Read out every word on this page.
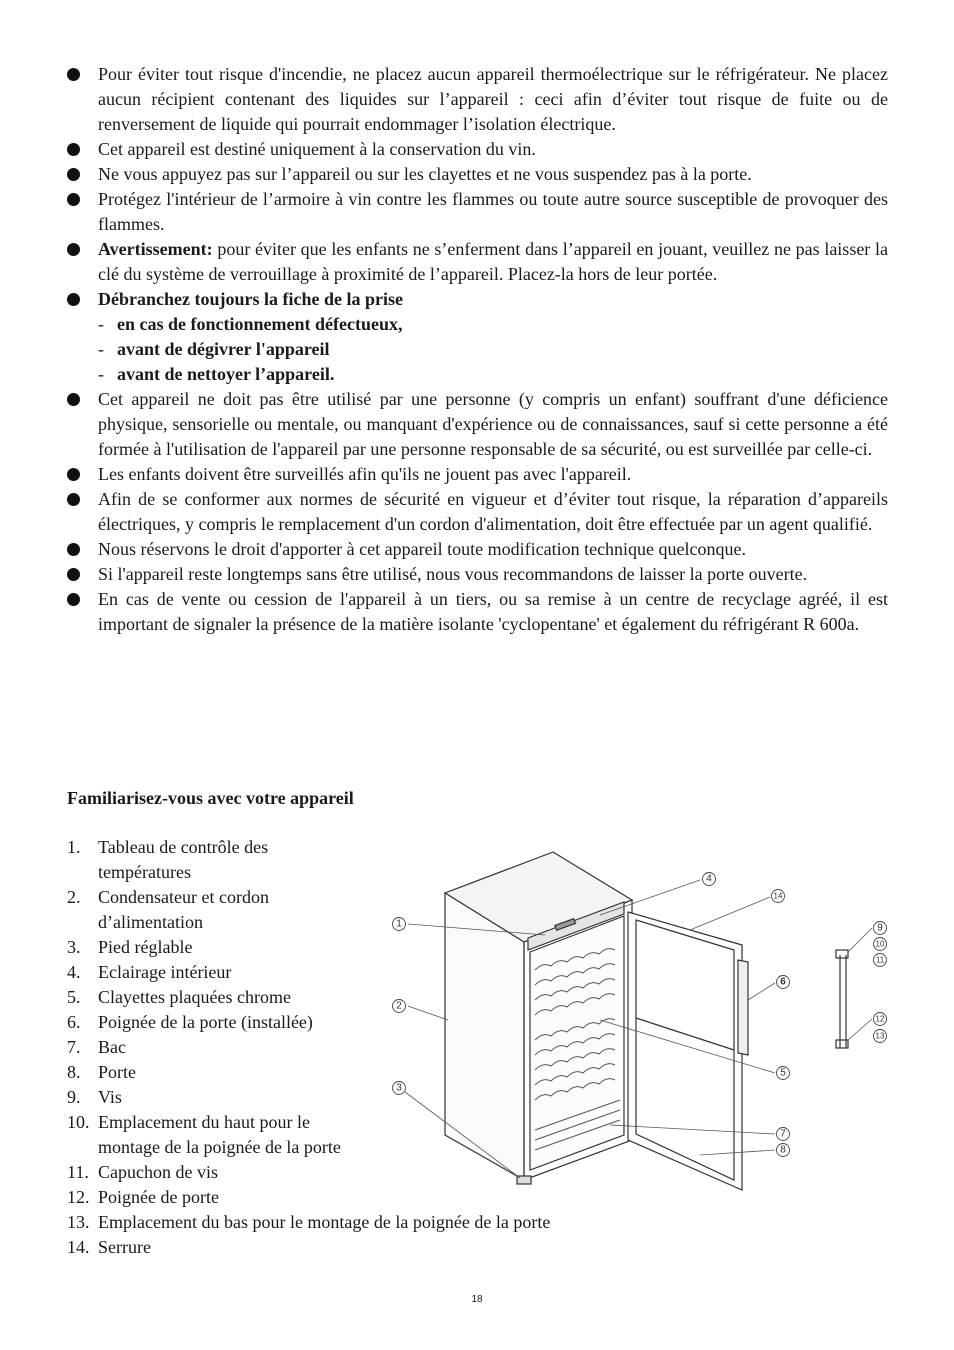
Pour éviter tout risque d'incendie, ne placez aucun appareil thermoélectrique sur le réfrigérateur. Ne placez aucun récipient contenant des liquides sur l’appareil : ceci afin d’éviter tout risque de fuite ou de renversement de liquide qui pourrait endommager l’isolation électrique.
Cet appareil est destiné uniquement à la conservation du vin.
Ne vous appuyez pas sur l’appareil ou sur les clayettes et ne vous suspendez pas à la porte.
Protégez l'intérieur de l’armoire à vin contre les flammes ou toute autre source susceptible de provoquer des flammes.
Avertissement: pour éviter que les enfants ne s’enferment dans l’appareil en jouant, veuillez ne pas laisser la clé du système de verrouillage à proximité de l’appareil. Placez-la hors de leur portée.
Débranchez toujours la fiche de la prise
- en cas de fonctionnement défectueux,
- avant de dégivrer l'appareil
- avant de nettoyer l’appareil.
Cet appareil ne doit pas être utilisé par une personne (y compris un enfant) souffrant d'une déficience physique, sensorielle ou mentale, ou manquant d'expérience ou de connaissances, sauf si cette personne a été formée à l'utilisation de l'appareil par une personne responsable de sa sécurité, ou est surveillée par celle-ci.
Les enfants doivent être surveillés afin qu'ils ne jouent pas avec l'appareil.
Afin de se conformer aux normes de sécurité en vigueur et d’éviter tout risque, la réparation d’appareils électriques, y compris le remplacement d'un cordon d'alimentation, doit être effectuée par un agent qualifié.
Nous réservons le droit d'apporter à cet appareil toute modification technique quelconque.
Si l'appareil reste longtemps sans être utilisé, nous vous recommandons de laisser la porte ouverte.
En cas de vente ou cession de l'appareil à un tiers, ou sa remise à un centre de recyclage agréé, il est important de signaler la présence de la matière isolante 'cyclopentane' et également du réfrigérant R 600a.
Familiarisez-vous avec votre appareil
1. Tableau de contrôle des
températures
2. Condensateur et cordon
d’alimentation
3. Pied réglable
4. Eclairage intérieur
5. Clayettes plaquées chrome
6. Poignée de la porte (installée)
7. Bac
8. Porte
9. Vis
10. Emplacement du haut pour le
montage de la poignée de la porte
11. Capuchon de vis
12. Poignée de porte
13. Emplacement du bas pour le montage de la poignée de la porte
14. Serrure
1
2
3
4
14
6
5
7
8
9
10
11
12
13
18
